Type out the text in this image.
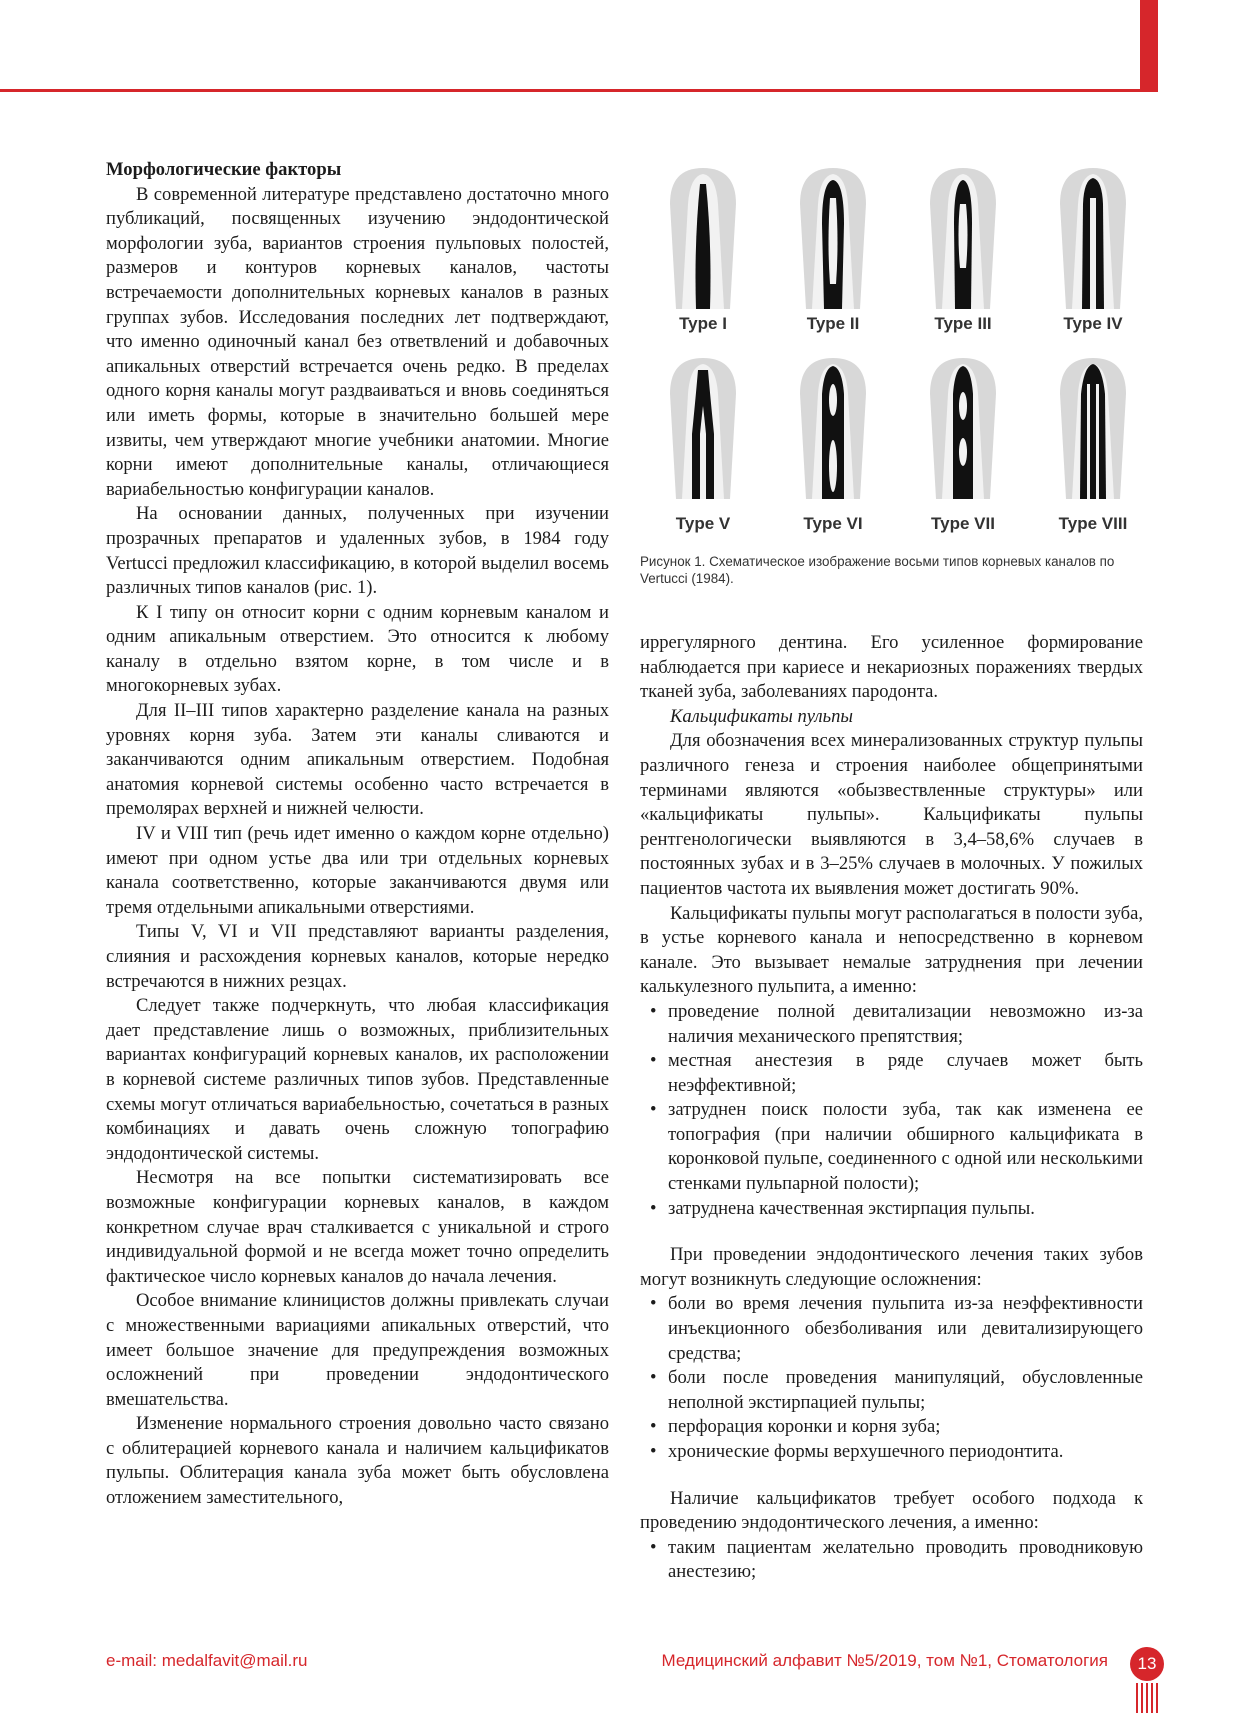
Морфологические факторы

В современной литературе представлено достаточно много публикаций, посвященных изучению эндодонтической морфологии зуба, вариантов строения пульповых полостей, размеров и контуров корневых каналов, частоты встречаемости дополнительных корневых каналов в разных группах зубов. Исследования последних лет подтверждают, что именно одиночный канал без ответвлений и добавочных апикальных отверстий встречается очень редко. В пределах одного корня каналы могут раздваиваться и вновь соединяться или иметь формы, которые в значительно большей мере извиты, чем утверждают многие учебники анатомии. Многие корни имеют дополнительные каналы, отличающиеся вариабельностью конфигурации каналов.

На основании данных, полученных при изучении прозрачных препаратов и удаленных зубов, в 1984 году Vertucci предложил классификацию, в которой выделил восемь различных типов каналов (рис. 1).

К I типу он относит корни с одним корневым каналом и одним апикальным отверстием. Это относится к любому каналу в отдельно взятом корне, в том числе и в многокорневых зубах.

Для II–III типов характерно разделение канала на разных уровнях корня зуба. Затем эти каналы сливаются и заканчиваются одним апикальным отверстием. Подобная анатомия корневой системы особенно часто встречается в премолярах верхней и нижней челюсти.

IV и VIII тип (речь идет именно о каждом корне отдельно) имеют при одном устье два или три отдельных корневых канала соответственно, которые заканчиваются двумя или тремя отдельными апикальными отверстиями.

Типы V, VI и VII представляют варианты разделения, слияния и расхождения корневых каналов, которые нередко встречаются в нижних резцах.

Следует также подчеркнуть, что любая классификация дает представление лишь о возможных, приблизительных вариантах конфигураций корневых каналов, их расположении в корневой системе различных типов зубов. Представленные схемы могут отличаться вариабельностью, сочетаться в разных комбинациях и давать очень сложную топографию эндодонтической системы.

Несмотря на все попытки систематизировать все возможные конфигурации корневых каналов, в каждом конкретном случае врач сталкивается с уникальной и строго индивидуальной формой и не всегда может точно определить фактическое число корневых каналов до начала лечения.

Особое внимание клиницистов должны привлекать случаи с множественными вариациями апикальных отверстий, что имеет большое значение для предупреждения возможных осложнений при проведении эндодонтического вмешательства.

Изменение нормального строения довольно часто связано с облитерацией корневого канала и наличием кальцификатов пульпы. Облитерация канала зуба может быть обусловлена отложением заместительного,

Type I	Type II	Type III	Type IV
Type V	Type VI	Type VII	Type VIII
Рисунок 1. Схематическое изображение восьми типов корневых каналов по Vertucci (1984).

иррегулярного дентина. Его усиленное формирование наблюдается при кариесе и некариозных поражениях твердых тканей зуба, заболеваниях пародонта.

Кальцификаты пульпы

Для обозначения всех минерализованных структур пульпы различного генеза и строения наиболее общепринятыми терминами являются «обызвествленные структуры» или «кальцификаты пульпы». Кальцификаты пульпы рентгенологически выявляются в 3,4–58,6% случаев в постоянных зубах и в 3–25% случаев в молочных. У пожилых пациентов частота их выявления может достигать 90%.

Кальцификаты пульпы могут располагаться в полости зуба, в устье корневого канала и непосредственно в корневом канале. Это вызывает немалые затруднения при лечении калькулезного пульпита, а именно:

• проведение полной девитализации невозможно из-за наличия механического препятствия;
• местная анестезия в ряде случаев может быть неэффективной;
• затруднен поиск полости зуба, так как изменена ее топография (при наличии обширного кальцификата в коронковой пульпе, соединенного с одной или несколькими стенками пульпарной полости);
• затруднена качественная экстирпация пульпы.

При проведении эндодонтического лечения таких зубов могут возникнуть следующие осложнения:

• боли во время лечения пульпита из-за неэффективности инъекционного обезболивания или девитализирующего средства;
• боли после проведения манипуляций, обусловленные неполной экстирпацией пульпы;
• перфорация коронки и корня зуба;
• хронические формы верхушечного периодонтита.

Наличие кальцификатов требует особого подхода к проведению эндодонтического лечения, а именно:

• таким пациентам желательно проводить проводниковую анестезию;
e-mail: medalfavit@mail.ru	Медицинский алфавит №5/2019, том №1, Стоматология	13
